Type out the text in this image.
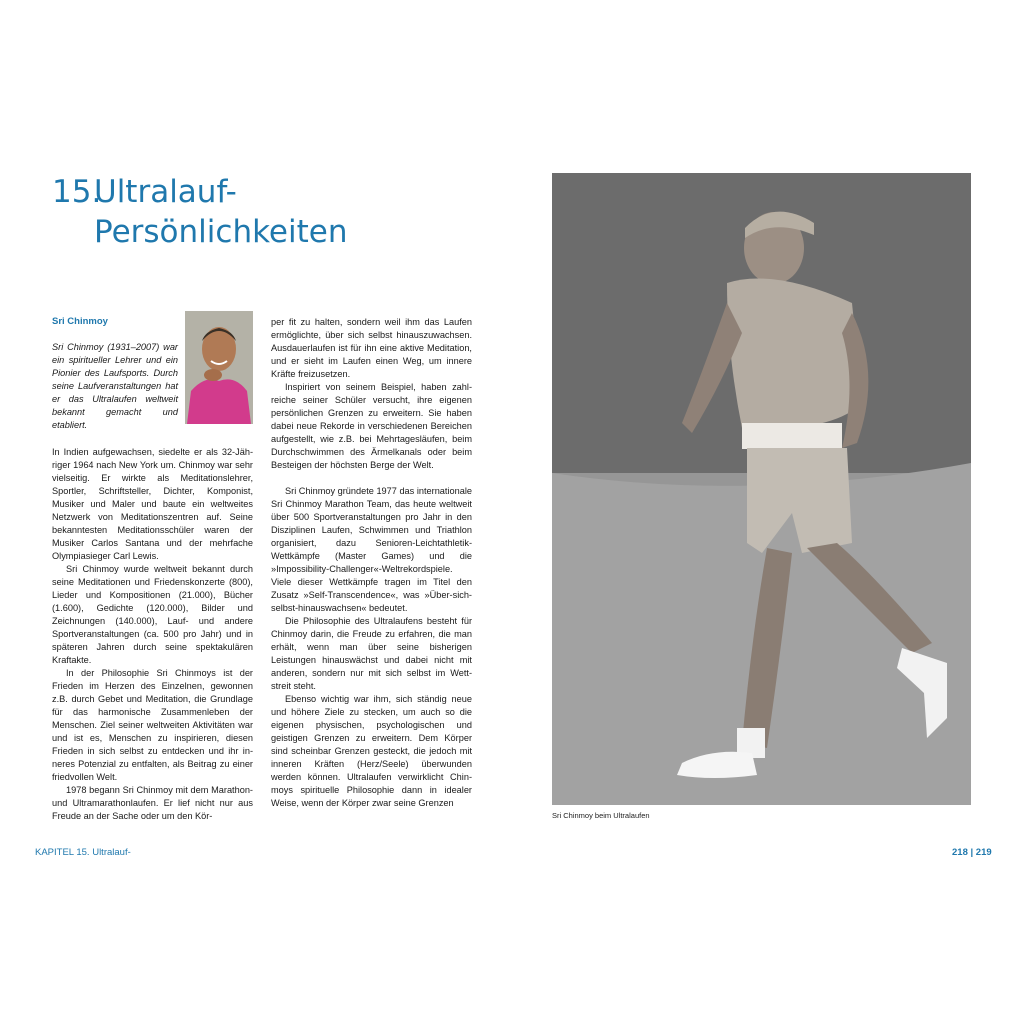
15.Ultralauf-
Persönlichkeiten
Sri Chinmoy
Sri Chinmoy (1931–2007) war ein spiritueller Lehrer und ein Pionier des Laufsports. Durch seine Laufveranstaltungen hat er das Ultralaufen weltweit bekannt gemacht und etabliert.

In Indien aufgewachsen, siedelte er als 32-Jähriger 1964 nach New York um. Chinmoy war sehr vielseitig. Er wirkte als Meditationslehrer, Sportler, Schriftsteller, Dichter, Komponist, Musiker und Maler und baute ein weltweites Netzwerk von Meditationszentren auf. Seine bekanntesten Meditationsschüler waren der Musiker Carlos Santana und der mehrfache Olympiasieger Carl Lewis.

Sri Chinmoy wurde weltweit bekannt durch seine Meditationen und Friedenskonzerte (800), Lieder und Kompositionen (21.000), Bücher (1.600), Gedichte (120.000), Bilder und Zeichnungen (140.000), Lauf- und andere Sportveranstaltungen (ca. 500 pro Jahr) und in späteren Jahren durch seine spektakulären Kraftakte.

In der Philosophie Sri Chinmoys ist der Frieden im Herzen des Einzelnen, gewonnen z.B. durch Gebet und Meditation, die Grundlage für das harmonische Zusammenleben der Menschen. Ziel seiner weltweiten Aktivitäten war und ist es, Menschen zu inspirieren, diesen Frieden in sich selbst zu entdecken und ihr inneres Potenzial zu entfalten, als Beitrag zu einer friedvollen Welt.

1978 begann Sri Chinmoy mit dem Marathon- und Ultramarathonlaufen. Er lief nicht nur aus Freude an der Sache oder um den Kör-

per fit zu halten, sondern weil ihm das Laufen ermöglichte, über sich selbst hinauszuwachsen. Ausdauerlaufen ist für ihn eine aktive Meditation, und er sieht im Laufen einen Weg, um innere Kräfte freizusetzen.

Inspiriert von seinem Beispiel, haben zahlreiche seiner Schüler versucht, ihre eigenen persönlichen Grenzen zu erweitern. Sie haben dabei neue Rekorde in verschiedenen Bereichen aufgestellt, wie z.B. bei Mehrtagesläufen, beim Durchschwimmen des Ärmelkanals oder beim Besteigen der höchsten Berge der Welt.

Sri Chinmoy gründete 1977 das internationale Sri Chinmoy Marathon Team, das heute weltweit über 500 Sportveranstaltungen pro Jahr in den Disziplinen Laufen, Schwimmen und Triathlon organisiert, dazu Senioren-Leichtathletik-Wettkämpfe (Master Games) und die »Impossibility-Challenger«-Weltrekordspiele. Viele dieser Wettkämpfe tragen im Titel den Zusatz »Self-Transcendence«, was »Über-sich-selbst-hinauswachsen« bedeutet.

Die Philosophie des Ultralaufens besteht für Chinmoy darin, die Freude zu erfahren, die man erhält, wenn man über seine bisherigen Leistungen hinauswächst und dabei nicht mit anderen, sondern nur mit sich selbst im Wettstreit steht.

Ebenso wichtig war ihm, sich ständig neue und höhere Ziele zu stecken, um auch so die eigenen physischen, psychologischen und geistigen Grenzen zu erweitern. Dem Körper sind scheinbar Grenzen gesteckt, die jedoch mit inneren Kräften (Herz/Seele) überwunden werden können. Ultralaufen verwirklicht Chinmoys spirituelle Philosophie dann in idealer Weise, wenn der Körper zwar seine Grenzen

Sri Chinmoy beim Ultralaufen
KAPITEL 15. Ultralauf-	218 | 219
